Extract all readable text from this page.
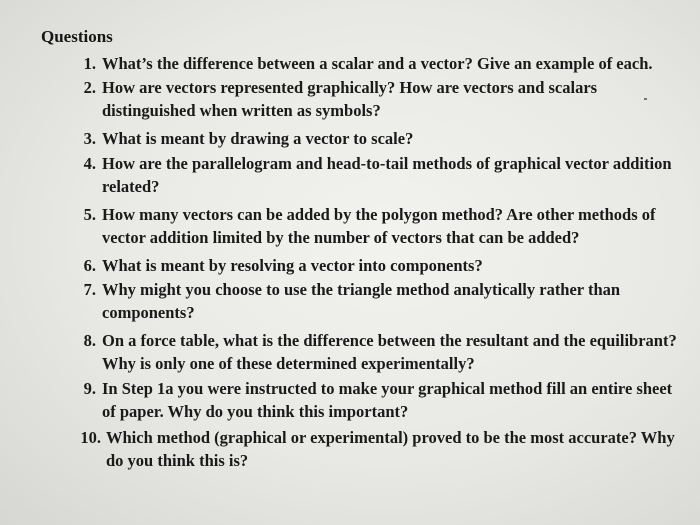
Questions
1. What’s the difference between a scalar and a vector? Give an example of each.
2. How are vectors represented graphically? How are vectors and scalars
distinguished when written as symbols?
3. What is meant by drawing a vector to scale?
4. How are the parallelogram and head-to-tail methods of graphical vector addition
related?
5. How many vectors can be added by the polygon method? Are other methods of
vector addition limited by the number of vectors that can be added?
6. What is meant by resolving a vector into components?
7. Why might you choose to use the triangle method analytically rather than
components?
8. On a force table, what is the difference between the resultant and the equilibrant?
Why is only one of these determined experimentally?
9. In Step 1a you were instructed to make your graphical method fill an entire sheet
of paper. Why do you think this important?
10. Which method (graphical or experimental) proved to be the most accurate? Why
do you think this is?
